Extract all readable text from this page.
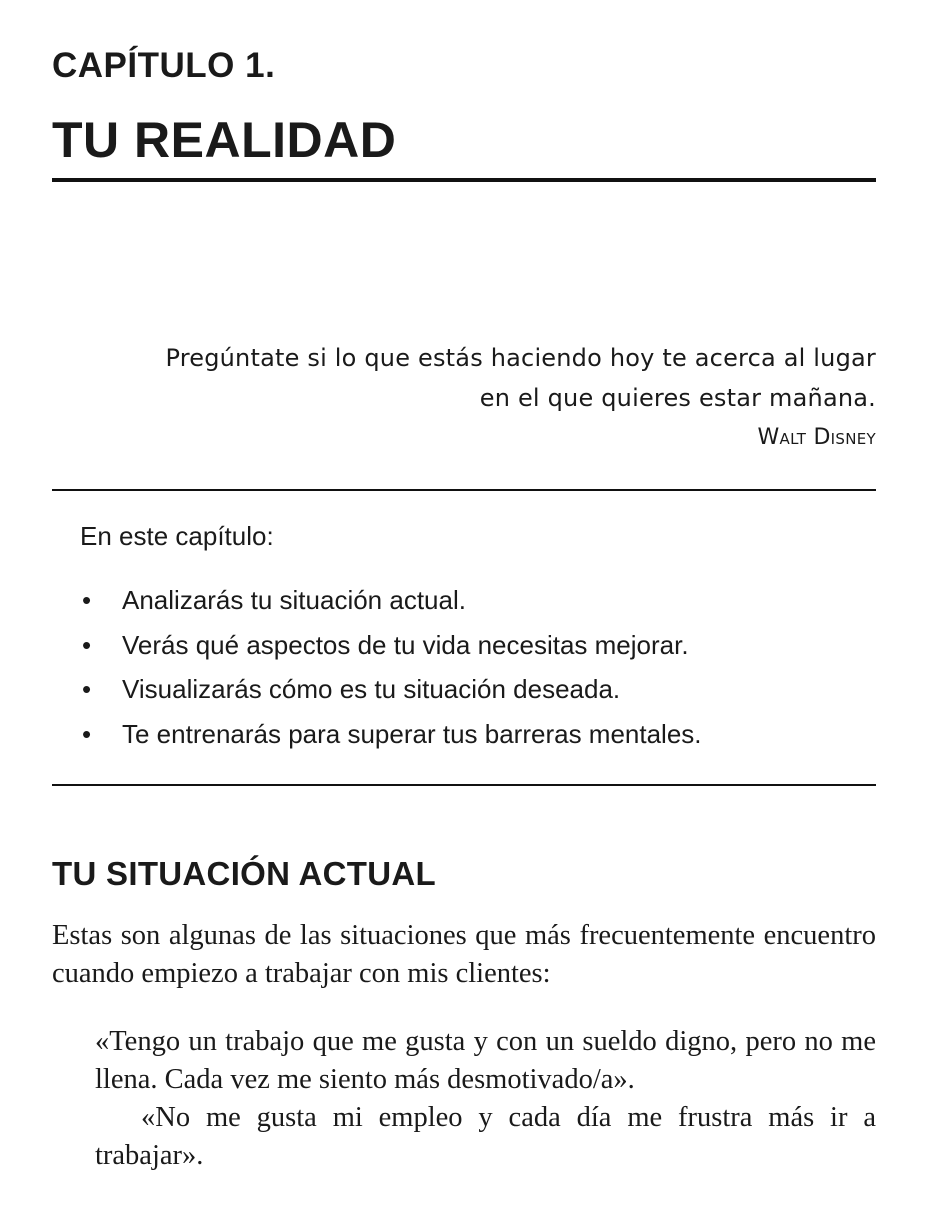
CAPÍTULO 1.
TU REALIDAD
Pregúntate si lo que estás haciendo hoy te acerca al lugar
en el que quieres estar mañana.
Walt Disney
En este capítulo:
• Analizarás tu situación actual.
• Verás qué aspectos de tu vida necesitas mejorar.
• Visualizarás cómo es tu situación deseada.
• Te entrenarás para superar tus barreras mentales.
TU SITUACIÓN ACTUAL

Estas son algunas de las situaciones que más frecuentemente encuentro cuando empiezo a trabajar con mis clientes:

«Tengo un trabajo que me gusta y con un sueldo digno, pero no me llena. Cada vez me siento más desmotivado/a».

«No me gusta mi empleo y cada día me frustra más ir a trabajar».
